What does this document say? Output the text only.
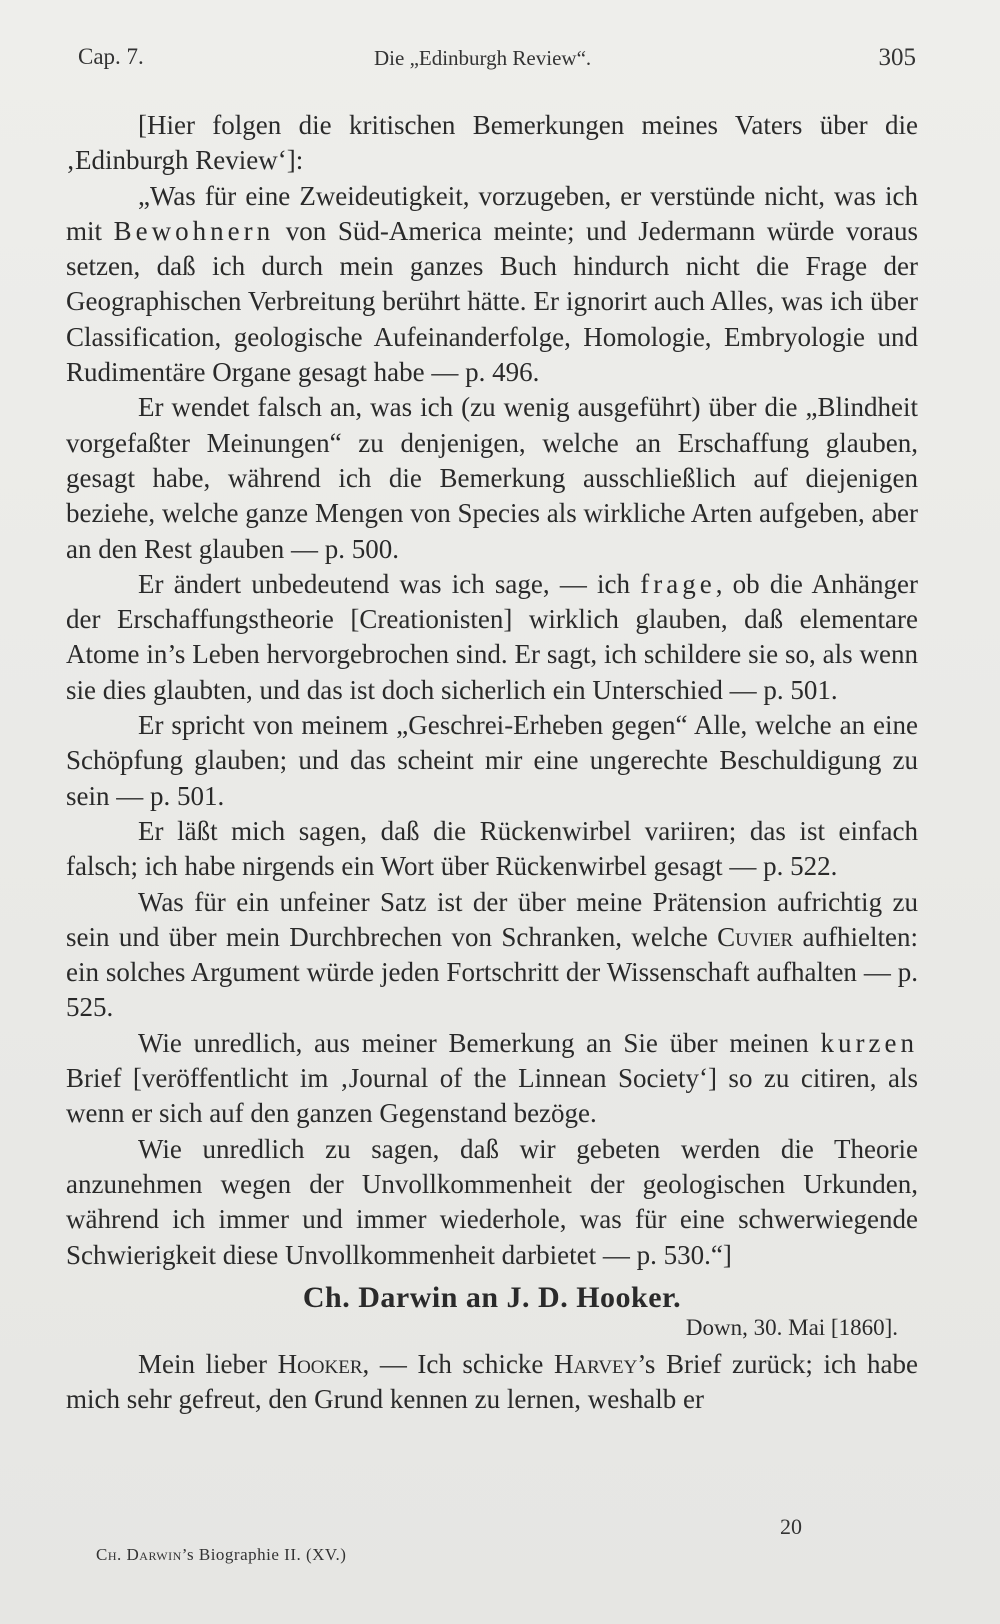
Cap. 7.	Die „Edinburgh Review“.	305

[Hier folgen die kritischen Bemerkungen meines Vaters über die ‚Edinburgh Review‘]:

„Was für eine Zweideutigkeit, vorzugeben, er verstünde nicht, was ich mit Bewohnern von Süd-America meinte; und Jedermann würde voraus setzen, daß ich durch mein ganzes Buch hindurch nicht die Frage der Geographischen Verbreitung berührt hätte. Er ignorirt auch Alles, was ich über Classification, geologische Aufeinanderfolge, Homologie, Embryologie und Rudimentäre Organe gesagt habe — p. 496.

Er wendet falsch an, was ich (zu wenig ausgeführt) über die „Blindheit vorgefaßter Meinungen“ zu denjenigen, welche an Erschaffung glauben, gesagt habe, während ich die Bemerkung ausschließlich auf diejenigen beziehe, welche ganze Mengen von Species als wirkliche Arten aufgeben, aber an den Rest glauben — p. 500.

Er ändert unbedeutend was ich sage, — ich frage, ob die Anhänger der Erschaffungstheorie [Creationisten] wirklich glauben, daß elementare Atome in’s Leben hervorgebrochen sind. Er sagt, ich schildere sie so, als wenn sie dies glaubten, und das ist doch sicherlich ein Unterschied — p. 501.

Er spricht von meinem „Geschrei-Erheben gegen“ Alle, welche an eine Schöpfung glauben; und das scheint mir eine ungerechte Beschuldigung zu sein — p. 501.

Er läßt mich sagen, daß die Rückenwirbel variiren; das ist einfach falsch; ich habe nirgends ein Wort über Rückenwirbel gesagt — p. 522.

Was für ein unfeiner Satz ist der über meine Prätension aufrichtig zu sein und über mein Durchbrechen von Schranken, welche Cuvier aufhielten: ein solches Argument würde jeden Fortschritt der Wissenschaft aufhalten — p. 525.

Wie unredlich, aus meiner Bemerkung an Sie über meinen kurzen Brief [veröffentlicht im ‚Journal of the Linnean Society‘] so zu citiren, als wenn er sich auf den ganzen Gegenstand bezöge.

Wie unredlich zu sagen, daß wir gebeten werden die Theorie anzunehmen wegen der Unvollkommenheit der geologischen Urkunden, während ich immer und immer wiederhole, was für eine schwerwiegende Schwierigkeit diese Unvollkommenheit darbietet — p. 530.“]

Ch. Darwin an J. D. Hooker.
Down, 30. Mai [1860].

Mein lieber Hooker, — Ich schicke Harvey’s Brief zurück; ich habe mich sehr gefreut, den Grund kennen zu lernen, weshalb er

20
Ch. Darwin’s Biographie II. (XV.)
